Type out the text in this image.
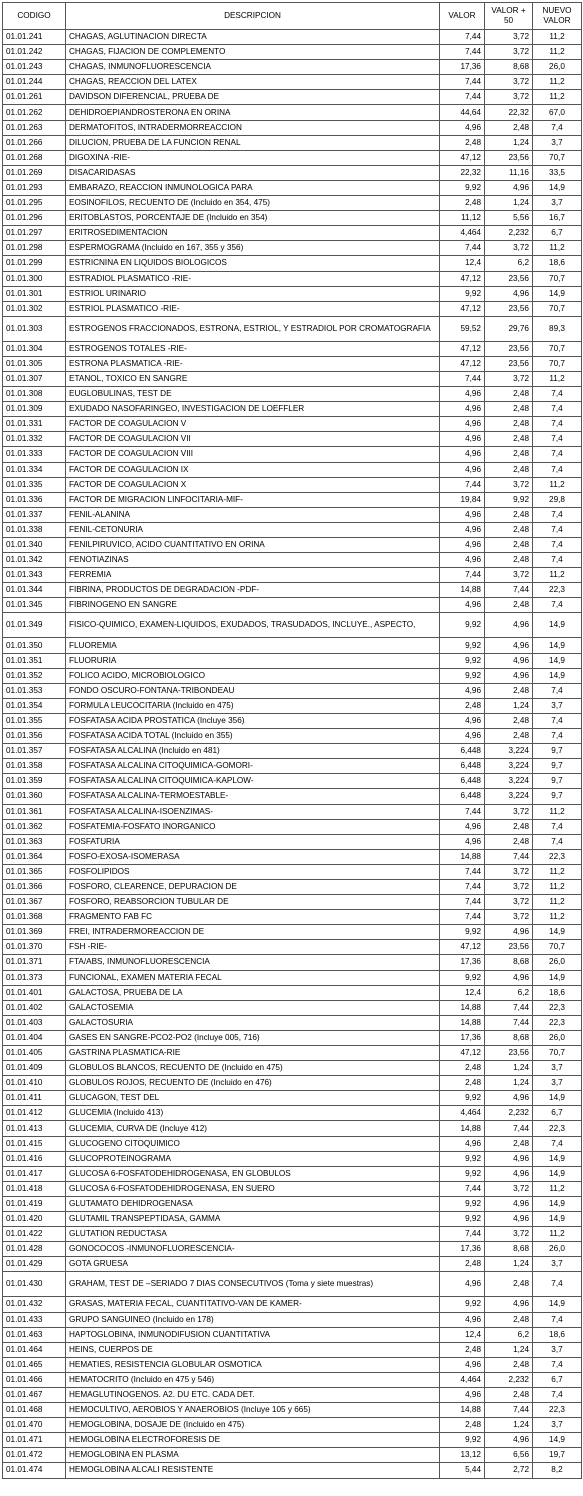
CODIGO	DESCRIPCION	VALOR	VALOR + 50	NUEVO VALOR
01.01.241	CHAGAS, AGLUTINACION DIRECTA	7,44	3,72	11,2
01.01.242	CHAGAS, FIJACION DE COMPLEMENTO	7,44	3,72	11,2
01.01.243	CHAGAS, INMUNOFLUORESCENCIA	17,36	8,68	26,0
01.01.244	CHAGAS, REACCION DEL LATEX	7,44	3,72	11,2
01.01.261	DAVIDSON DIFERENCIAL, PRUEBA DE	7,44	3,72	11,2
01.01.262	DEHIDROEPIANDROSTERONA EN ORINA	44,64	22,32	67,0
01.01.263	DERMATOFITOS, INTRADERMORREACCION	4,96	2,48	7,4
01.01.266	DILUCION, PRUEBA DE LA FUNCION RENAL	2,48	1,24	3,7
01.01.268	DIGOXINA -RIE-	47,12	23,56	70,7
01.01.269	DISACARIDASAS	22,32	11,16	33,5
01.01.293	EMBARAZO, REACCION INMUNOLOGICA PARA	9,92	4,96	14,9
01.01.295	EOSINOFILOS, RECUENTO DE (Incluido en 354, 475)	2,48	1,24	3,7
01.01.296	ERITOBLASTOS, PORCENTAJE DE (Incluido en 354)	11,12	5,56	16,7
01.01.297	ERITROSEDIMENTACION	4,464	2,232	6,7
01.01.298	ESPERMOGRAMA (Incluido en 167, 355 y 356)	7,44	3,72	11,2
01.01.299	ESTRICNINA EN LIQUIDOS BIOLOGICOS	12,4	6,2	18,6
01.01.300	ESTRADIOL PLASMATICO -RIE-	47,12	23,56	70,7
01.01.301	ESTRIOL URINARIO	9,92	4,96	14,9
01.01.302	ESTRIOL PLASMATICO -RIE-	47,12	23,56	70,7
01.01.303	ESTROGENOS FRACCIONADOS, ESTRONA, ESTRIOL, Y ESTRADIOL POR CROMATOGRAFIA	59,52	29,76	89,3
01.01.304	ESTROGENOS TOTALES -RIE-	47,12	23,56	70,7
01.01.305	ESTRONA PLASMATICA -RIE-	47,12	23,56	70,7
01.01.307	ETANOL, TOXICO EN SANGRE	7,44	3,72	11,2
01.01.308	EUGLOBULINAS, TEST DE	4,96	2,48	7,4
01.01.309	EXUDADO NASOFARINGEO, INVESTIGACION DE LOEFFLER	4,96	2,48	7,4
01.01.331	FACTOR DE COAGULACION V	4,96	2,48	7,4
01.01.332	FACTOR DE COAGULACION VII	4,96	2,48	7,4
01.01.333	FACTOR DE COAGULACION VIII	4,96	2,48	7,4
01.01.334	FACTOR DE COAGULACION IX	4,96	2,48	7,4
01.01.335	FACTOR DE COAGULACION X	7,44	3,72	11,2
01.01.336	FACTOR DE MIGRACION LINFOCITARIA-MIF-	19,84	9,92	29,8
01.01.337	FENIL-ALANINA	4,96	2,48	7,4
01.01.338	FENIL-CETONURIA	4,96	2,48	7,4
01.01.340	FENILPIRUVICO, ACIDO CUANTITATIVO EN ORINA	4,96	2,48	7,4
01.01.342	FENOTIAZINAS	4,96	2,48	7,4
01.01.343	FERREMIA	7,44	3,72	11,2
01.01.344	FIBRINA, PRODUCTOS DE DEGRADACION -PDF-	14,88	7,44	22,3
01.01.345	FIBRINOGENO EN SANGRE	4,96	2,48	7,4
01.01.349	FISICO-QUIMICO, EXAMEN-LIQUIDOS, EXUDADOS, TRASUDADOS, INCLUYE., ASPECTO,	9,92	4,96	14,9
01.01.350	FLUOREMIA	9,92	4,96	14,9
01.01.351	FLUORURIA	9,92	4,96	14,9
01.01.352	FOLICO ACIDO, MICROBIOLOGICO	9,92	4,96	14,9
01.01.353	FONDO OSCURO-FONTANA-TRIBONDEAU	4,96	2,48	7,4
01.01.354	FORMULA LEUCOCITARIA (Incluido en 475)	2,48	1,24	3,7
01.01.355	FOSFATASA ACIDA PROSTATICA (Incluye 356)	4,96	2,48	7,4
01.01.356	FOSFATASA ACIDA TOTAL (Incluido en 355)	4,96	2,48	7,4
01.01.357	FOSFATASA ALCALINA (Incluido en 481)	6,448	3,224	9,7
01.01.358	FOSFATASA ALCALINA CITOQUIMICA-GOMORI-	6,448	3,224	9,7
01.01.359	FOSFATASA ALCALINA CITOQUIMICA-KAPLOW-	6,448	3,224	9,7
01.01.360	FOSFATASA ALCALINA-TERMOESTABLE-	6,448	3,224	9,7
01.01.361	FOSFATASA ALCALINA-ISOENZIMAS-	7,44	3,72	11,2
01.01.362	FOSFATEMIA-FOSFATO INORGANICO	4,96	2,48	7,4
01.01.363	FOSFATURIA	4,96	2,48	7,4
01.01.364	FOSFO-EXOSA-ISOMERASA	14,88	7,44	22,3
01.01.365	FOSFOLIPIDOS	7,44	3,72	11,2
01.01.366	FOSFORO, CLEARENCE, DEPURACION DE	7,44	3,72	11,2
01.01.367	FOSFORO, REABSORCION TUBULAR DE	7,44	3,72	11,2
01.01.368	FRAGMENTO FAB FC	7,44	3,72	11,2
01.01.369	FREI, INTRADERMOREACCION DE	9,92	4,96	14,9
01.01.370	FSH -RIE-	47,12	23,56	70,7
01.01.371	FTA/ABS, INMUNOFLUORESCENCIA	17,36	8,68	26,0
01.01.373	FUNCIONAL, EXAMEN MATERIA FECAL	9,92	4,96	14,9
01.01.401	GALACTOSA, PRUEBA DE LA	12,4	6,2	18,6
01.01.402	GALACTOSEMIA	14,88	7,44	22,3
01.01.403	GALACTOSURIA	14,88	7,44	22,3
01.01.404	GASES EN SANGRE-PCO2-PO2 (Incluye 005, 716)	17,36	8,68	26,0
01.01.405	GASTRINA PLASMATICA-RIE	47,12	23,56	70,7
01.01.409	GLOBULOS BLANCOS, RECUENTO DE (Incluido en 475)	2,48	1,24	3,7
01.01.410	GLOBULOS ROJOS, RECUENTO DE (Incluido en 476)	2,48	1,24	3,7
01.01.411	GLUCAGON, TEST DEL	9,92	4,96	14,9
01.01.412	GLUCEMIA (Incluido 413)	4,464	2,232	6,7
01.01.413	GLUCEMIA, CURVA DE (Incluye 412)	14,88	7,44	22,3
01.01.415	GLUCOGENO CITOQUIMICO	4,96	2,48	7,4
01.01.416	GLUCOPROTEINOGRAMA	9,92	4,96	14,9
01.01.417	GLUCOSA 6-FOSFATODEHIDROGENASA, EN GLOBULOS	9,92	4,96	14,9
01.01.418	GLUCOSA 6-FOSFATODEHIDROGENASA, EN SUERO	7,44	3,72	11,2
01.01.419	GLUTAMATO DEHIDROGENASA	9,92	4,96	14,9
01.01.420	GLUTAMIL TRANSPEPTIDASA, GAMMA	9,92	4,96	14,9
01.01.422	GLUTATION REDUCTASA	7,44	3,72	11,2
01.01.428	GONOCOCOS -INMUNOFLUORESCENCIA-	17,36	8,68	26,0
01.01.429	GOTA GRUESA	2,48	1,24	3,7
01.01.430	GRAHAM, TEST DE –SERIADO 7 DIAS CONSECUTIVOS (Toma y siete muestras)	4,96	2,48	7,4
01.01.432	GRASAS, MATERIA FECAL, CUANTITATIVO-VAN DE KAMER-	9,92	4,96	14,9
01.01.433	GRUPO SANGUINEO (Incluido en 178)	4,96	2,48	7,4
01.01.463	HAPTOGLOBINA, INMUNODIFUSION CUANTITATIVA	12,4	6,2	18,6
01.01.464	HEINS, CUERPOS DE	2,48	1,24	3,7
01.01.465	HEMATIES, RESISTENCIA GLOBULAR OSMOTICA	4,96	2,48	7,4
01.01.466	HEMATOCRITO (Incluido en 475 y 546)	4,464	2,232	6,7
01.01.467	HEMAGLUTINOGENOS. A2. DU ETC. CADA DET.	4,96	2,48	7,4
01.01.468	HEMOCULTIVO, AEROBIOS Y ANAEROBIOS (Incluye 105 y 665)	14,88	7,44	22,3
01.01.470	HEMOGLOBINA, DOSAJE DE (Incluido en 475)	2,48	1,24	3,7
01.01.471	HEMOGLOBINA ELECTROFORESIS DE	9,92	4,96	14,9
01.01.472	HEMOGLOBINA EN PLASMA	13,12	6,56	19,7
01.01.474	HEMOGLOBINA ALCALI RESISTENTE	5,44	2,72	8,2
